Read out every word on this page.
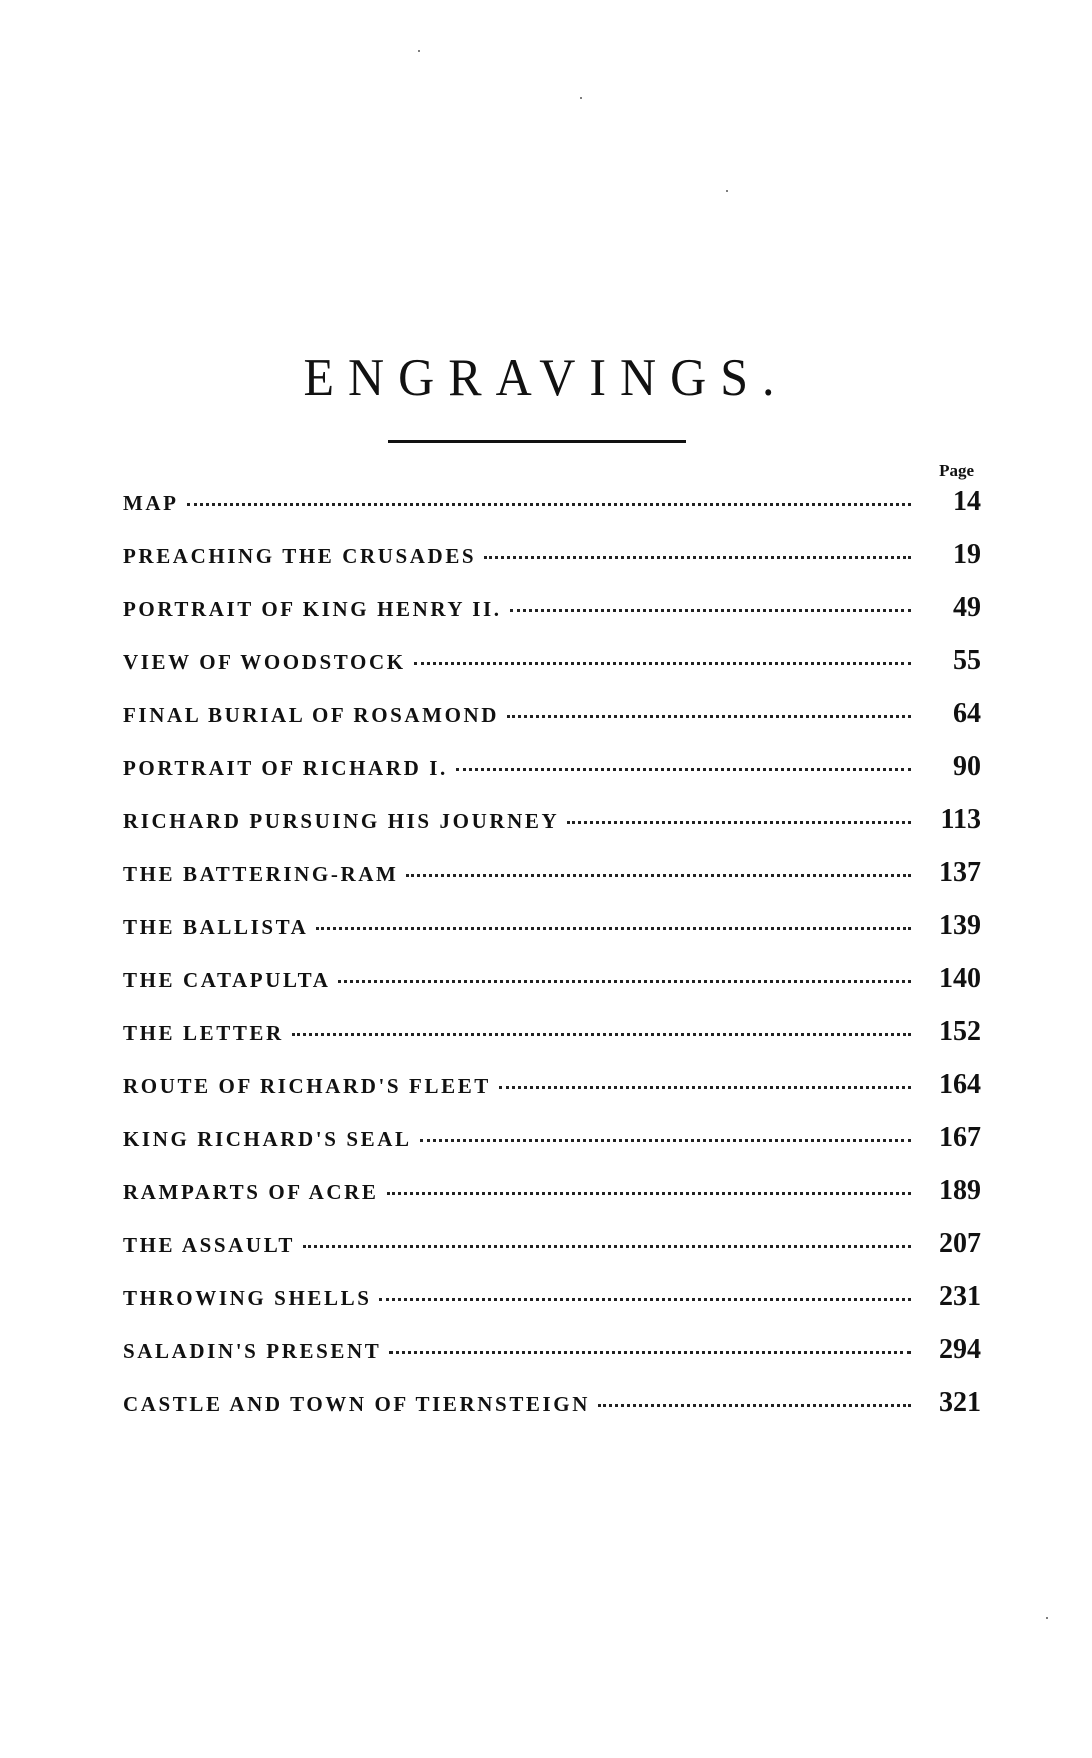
ENGRAVINGS.
Page
MAP	14
PREACHING THE CRUSADES	19
PORTRAIT OF KING HENRY II.	49
VIEW OF WOODSTOCK	55
FINAL BURIAL OF ROSAMOND	64
PORTRAIT OF RICHARD I.	90
RICHARD PURSUING HIS JOURNEY	113
THE BATTERING-RAM	137
THE BALLISTA	139
THE CATAPULTA	140
THE LETTER	152
ROUTE OF RICHARD'S FLEET	164
KING RICHARD'S SEAL	167
RAMPARTS OF ACRE	189
THE ASSAULT	207
THROWING SHELLS	231
SALADIN'S PRESENT	294
CASTLE AND TOWN OF TIERNSTEIGN	321
